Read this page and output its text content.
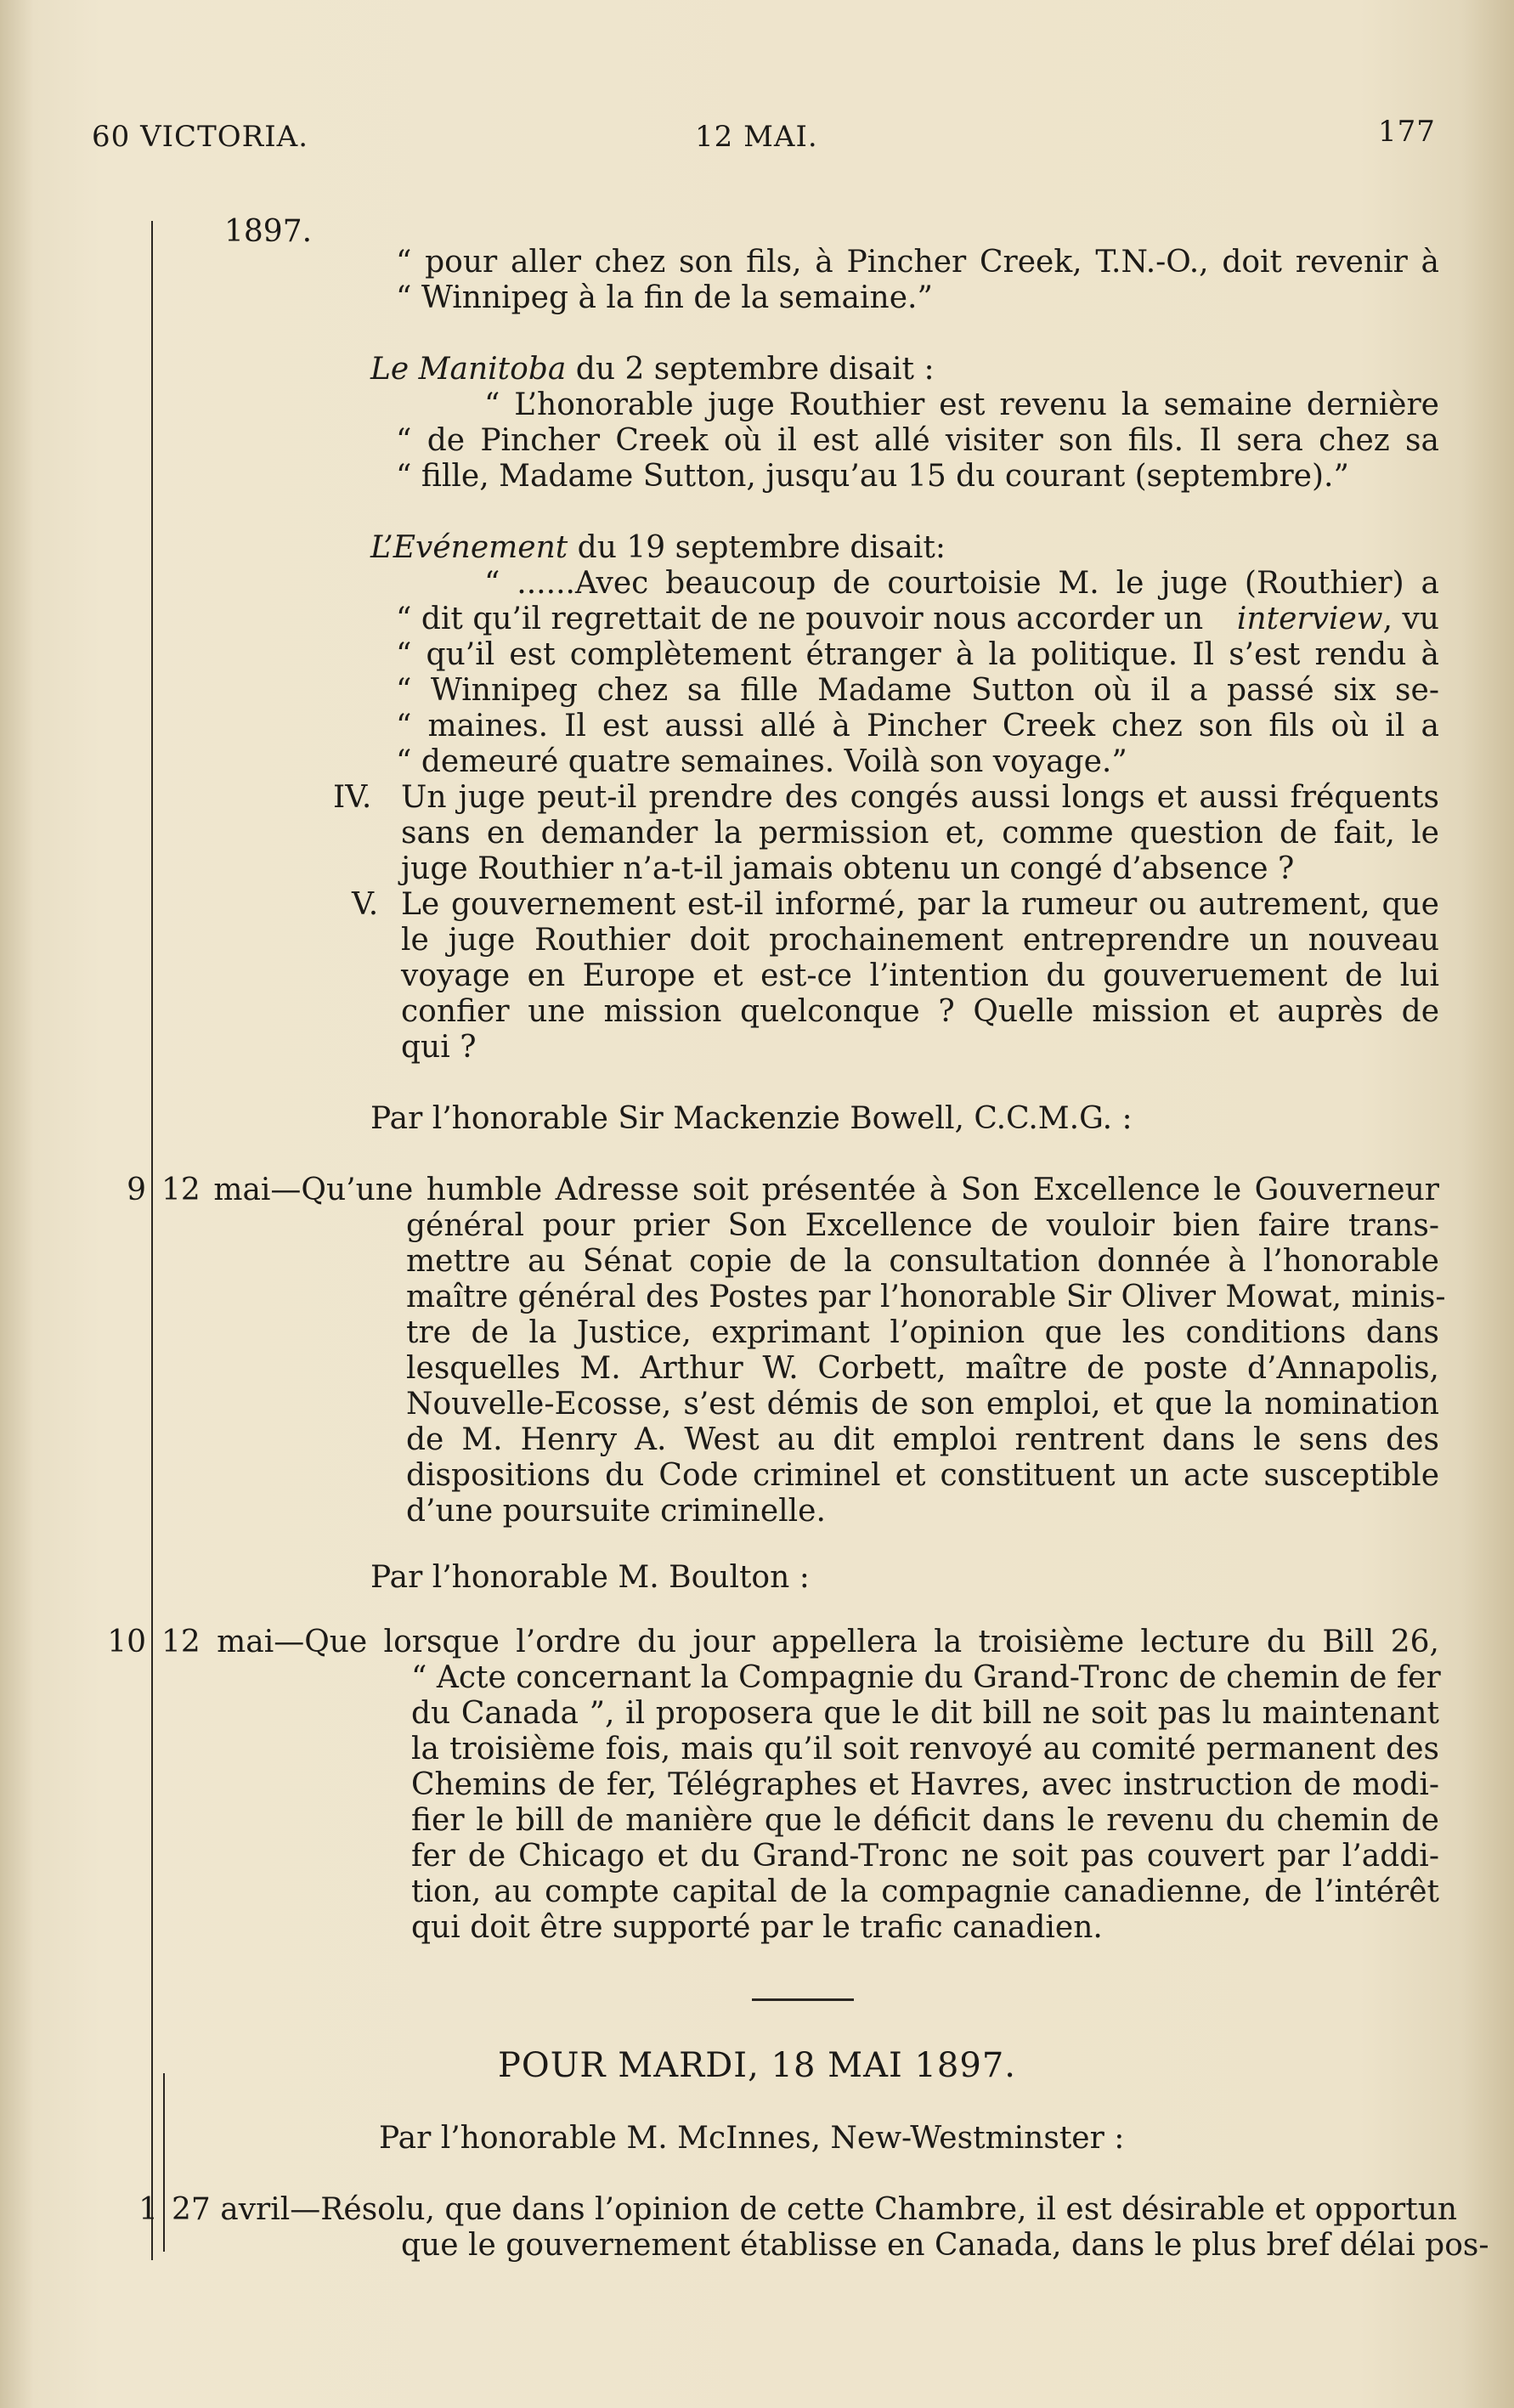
60 VICTORIA.	12 MAI.	177
1897.
“ pour aller chez son fils, à Pincher Creek, T.N.-O., doit revenir à
“ Winnipeg à la fin de la semaine.”
Le Manitoba du 2 septembre disait :
“ L’honorable juge Routhier est revenu la semaine dernière
“ de Pincher Creek où il est allé visiter son fils. Il sera chez sa
“ fille, Madame Sutton, jusqu’au 15 du courant (septembre).”
L’Evénement du 19 septembre disait:
“ ......Avec beaucoup de courtoisie M. le juge (Routhier) a
“ dit qu’il regrettait de ne pouvoir nous accorder un interview , vu
“ qu’il est complètement étranger à la politique. Il s’est rendu à
“ Winnipeg chez sa fille Madame Sutton où il a passé six se-
“ maines. Il est aussi allé à Pincher Creek chez son fils où il a
“ demeuré quatre semaines. Voilà son voyage.”
IV. Un juge peut-il prendre des congés aussi longs et aussi fréquents
sans en demander la permission et, comme question de fait, le
juge Routhier n’a-t-il jamais obtenu un congé d’absence ?
V. Le gouvernement est-il informé, par la rumeur ou autrement, que
le juge Routhier doit prochainement entreprendre un nouveau
voyage en Europe et est-ce l’intention du gouveruement de lui
confier une mission quelconque ? Quelle mission et auprès de
qui ?
Par l’honorable Sir Mackenzie Bowell, C.C.M.G. :
9 12 mai—Qu’une humble Adresse soit présentée à Son Excellence le Gouverneur
général pour prier Son Excellence de vouloir bien faire trans-
mettre au Sénat copie de la consultation donnée à l’honorable
maître général des Postes par l’honorable Sir Oliver Mowat, minis-
tre de la Justice, exprimant l’opinion que les conditions dans
lesquelles M. Arthur W. Corbett, maître de poste d’Annapolis,
Nouvelle-Ecosse, s’est démis de son emploi, et que la nomination
de M. Henry A. West au dit emploi rentrent dans le sens des
dispositions du Code criminel et constituent un acte susceptible
d’une poursuite criminelle.
Par l’honorable M. Boulton :
10 12 mai—Que lorsque l’ordre du jour appellera la troisième lecture du Bill 26,
“ Acte concernant la Compagnie du Grand-Tronc de chemin de fer
du Canada ”, il proposera que le dit bill ne soit pas lu maintenant
la troisième fois, mais qu’il soit renvoyé au comité permanent des
Chemins de fer, Télégraphes et Havres, avec instruction de modi-
fier le bill de manière que le déficit dans le revenu du chemin de
fer de Chicago et du Grand-Tronc ne soit pas couvert par l’addi-
tion, au compte capital de la compagnie canadienne, de l’intérêt
qui doit être supporté par le trafic canadien.
POUR MARDI, 18 MAI 1897.
Par l’honorable M. McInnes, New-Westminster :
1 27 avril—Résolu, que dans l’opinion de cette Chambre, il est désirable et opportun
que le gouvernement établisse en Canada, dans le plus bref délai pos-
